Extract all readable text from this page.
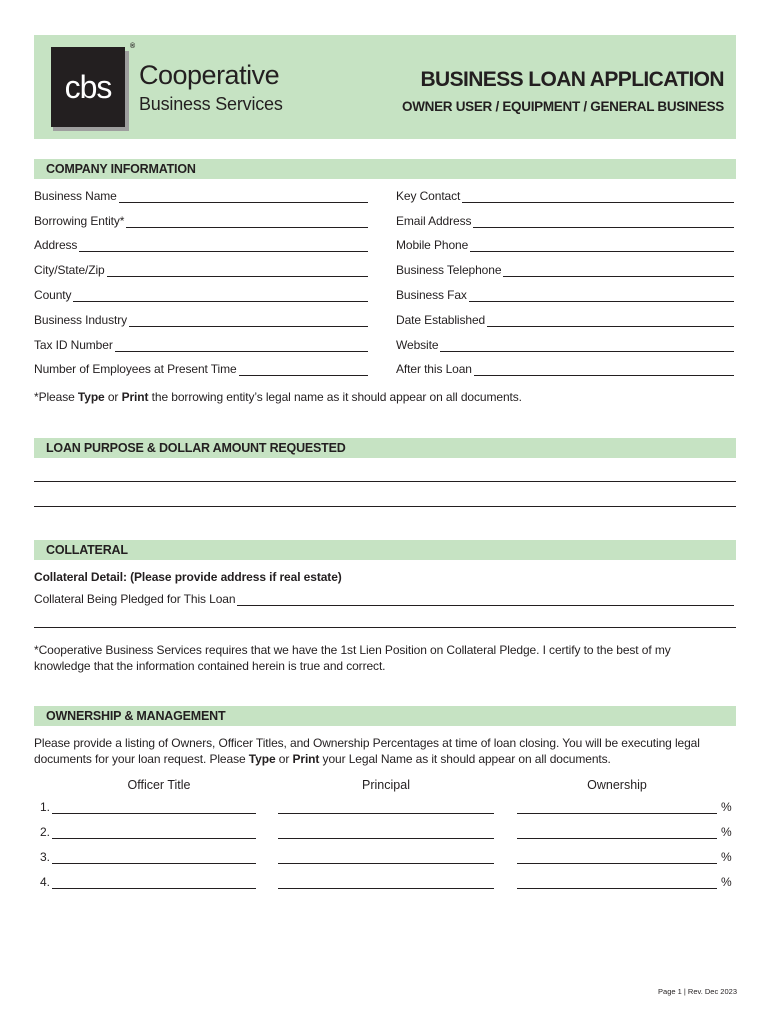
cbs
®
Cooperative
Business Services
BUSINESS LOAN APPLICATION
OWNER USER / EQUIPMENT / GENERAL BUSINESS
COMPANY INFORMATION
Business Name
Borrowing Entity*
Address
City/State/Zip
County
Business Industry
Tax ID Number
Number of Employees at Present Time
Key Contact
Email Address
Mobile Phone
Business Telephone
Business Fax
Date Established
Website
After this Loan
*Please Type or Print the borrowing entity’s legal name as it should appear on all documents.
LOAN PURPOSE & DOLLAR AMOUNT REQUESTED
COLLATERAL
Collateral Detail: (Please provide address if real estate)
Collateral Being Pledged for This Loan
*Cooperative Business Services requires that we have the 1st Lien Position on Collateral Pledge. I certify to the best of my
knowledge that the information contained herein is true and correct.
OWNERSHIP & MANAGEMENT
Please provide a listing of Owners, Officer Titles, and Ownership Percentages at time of loan closing. You will be executing legal
documents for your loan request. Please Type or Print your Legal Name as it should appear on all documents.
Officer Title	Principal	Ownership
1.	%
2.	%
3.	%
4.	%
Page 1 | Rev. Dec 2023
